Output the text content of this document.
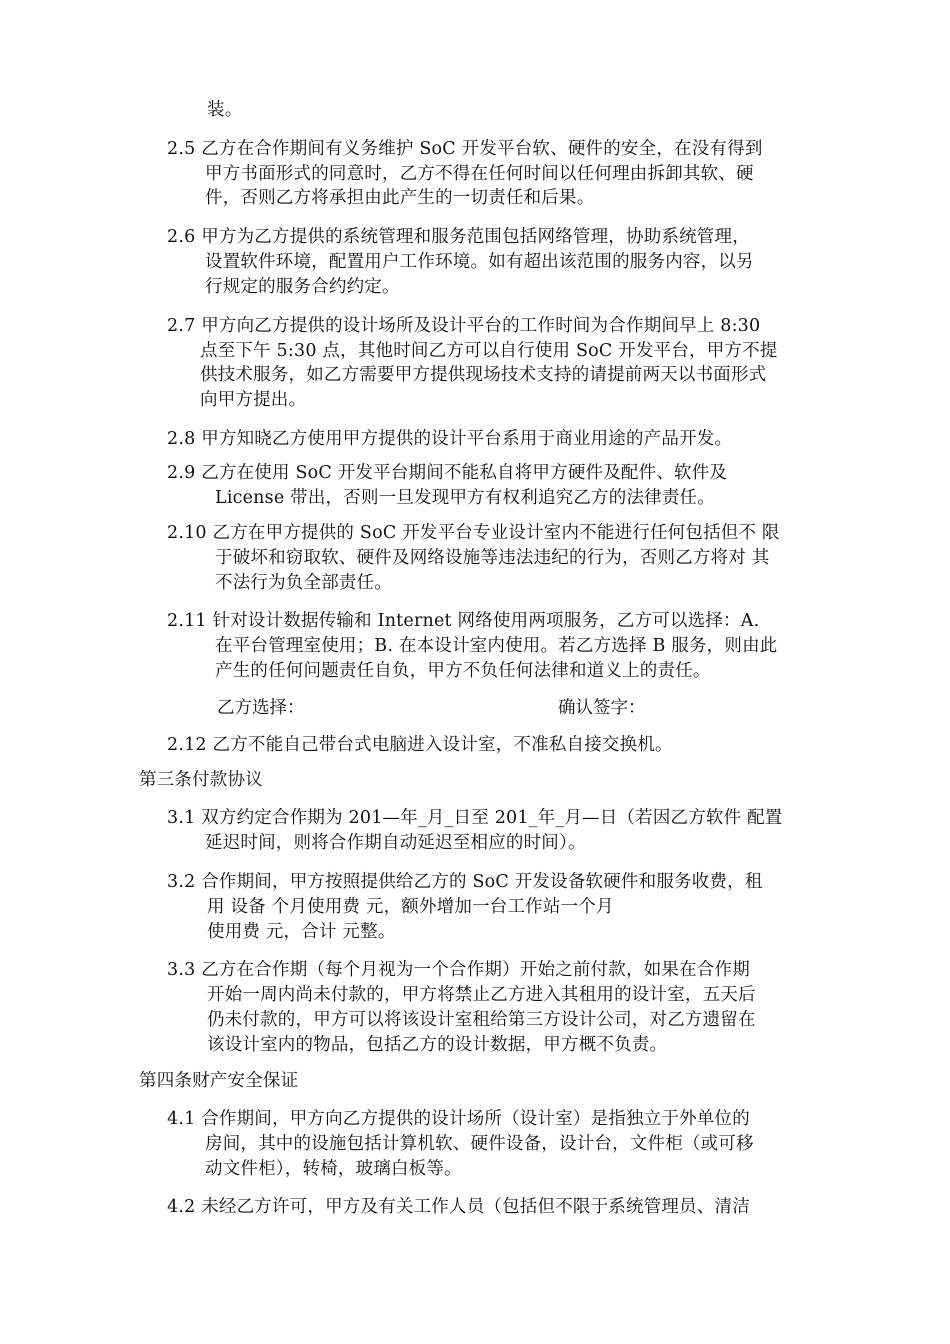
装。
2.5 乙方在合作期间有义务维护 SoC 开发平台软、硬件的安全，在没有得到
甲方书面形式的同意时，乙方不得在任何时间以任何理由拆卸其软、硬
件，否则乙方将承担由此产生的一切责任和后果。
2.6 甲方为乙方提供的系统管理和服务范围包括网络管理，协助系统管理，
设置软件环境，配置用户工作环境。如有超出该范围的服务内容，以另
行规定的服务合约约定。
2.7 甲方向乙方提供的设计场所及设计平台的工作时间为合作期间早上 8:30
点至下午 5:30 点，其他时间乙方可以自行使用 SoC 开发平台，甲方不提
供技术服务，如乙方需要甲方提供现场技术支持的请提前两天以书面形式
向甲方提出。
2.8 甲方知晓乙方使用甲方提供的设计平台系用于商业用途的产品开发。
2.9 乙方在使用 SoC 开发平台期间不能私自将甲方硬件及配件、软件及
License 带出，否则一旦发现甲方有权利追究乙方的法律责任。
2.10 乙方在甲方提供的 SoC 开发平台专业设计室内不能进行任何包括但不 限
于破坏和窃取软、硬件及网络设施等违法违纪的行为，否则乙方将对 其
不法行为负全部责任。
2.11 针对设计数据传输和 Internet 网络使用两项服务，乙方可以选择：A.
在平台管理室使用；B. 在本设计室内使用。若乙方选择 B 服务，则由此
产生的任何问题责任自负，甲方不负任何法律和道义上的责任。
乙方选择：	确认签字：
2.12 乙方不能自己带台式电脑进入设计室，不准私自接交换机。
第三条付款协议
3.1 双方约定合作期为 201—年_月_日至 201_年_月—日（若因乙方软件 配置
延迟时间，则将合作期自动延迟至相应的时间）。
3.2 合作期间，甲方按照提供给乙方的 SoC 开发设备软硬件和服务收费，租
用 设备 个月使用费 元，额外增加一台工作站一个月
使用费 元，合计 元整。
3.3 乙方在合作期（每个月视为一个合作期）开始之前付款，如果在合作期
开始一周内尚未付款的，甲方将禁止乙方进入其租用的设计室，五天后
仍未付款的，甲方可以将该设计室租给第三方设计公司，对乙方遗留在
该设计室内的物品，包括乙方的设计数据，甲方概不负责。
第四条财产安全保证
4.1 合作期间，甲方向乙方提供的设计场所（设计室）是指独立于外单位的
房间，其中的设施包括计算机软、硬件设备，设计台，文件柜（或可移
动文件柜），转椅，玻璃白板等。
4.2 未经乙方许可，甲方及有关工作人员（包括但不限于系统管理员、清洁
